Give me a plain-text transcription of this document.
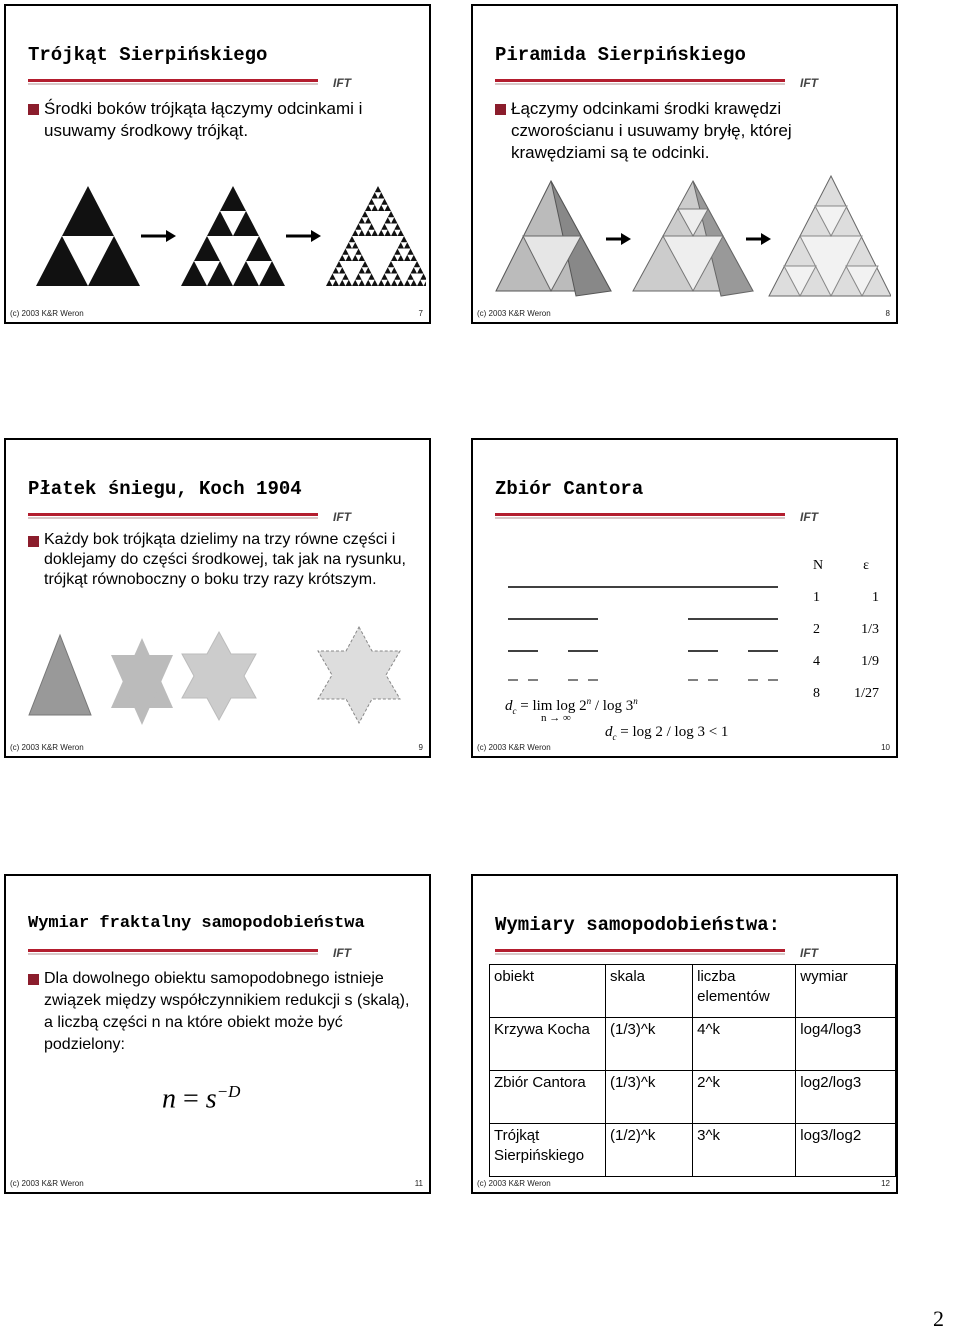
Trójkąt Sierpińskiego
IFT
Środki boków trójkąta łączymy odcinkami i usuwamy środkowy trójkąt.
(c) 2003 K&R Weron	7
Piramida Sierpińskiego
IFT
Łączymy odcinkami środki krawędzi czworościanu i usuwamy bryłę, której krawędziami są te odcinki.
(c) 2003 K&R Weron	8
Płatek śniegu, Koch 1904
IFT
Każdy bok trójkąta dzielimy na trzy równe części i doklejamy do części środkowej, tak jak na rysunku, trójkąt równoboczny o boku trzy razy krótszym.
(c) 2003 K&R Weron	9
Zbiór Cantora
IFT
N	ε
1	1
2	1/3
4	1/9
8 1/27
$d_c = \lim \log 2^n / \log 3^n$
n → ∞
$d_c = \log 2 / \log 3 < 1$
(c) 2003 K&R Weron	10
Wymiar fraktalny samopodobieństwa
IFT
Dla dowolnego obiektu samopodobnego istnieje związek między współczynnikiem redukcji s (skalą), a liczbą części n na które obiekt może być podzielony:
$n = s^{-D}$
(c) 2003 K&R Weron	11
Wymiary samopodobieństwa:
IFT
obiekt	skala	liczba elementów	wymiar
Krzywa Kocha	(1/3)^k	4^k	log4/log3
Zbiór Cantora	(1/3)^k	2^k	log2/log3
Trójkąt Sierpińskiego	(1/2)^k	3^k	log3/log2
(c) 2003 K&R Weron	12
2
